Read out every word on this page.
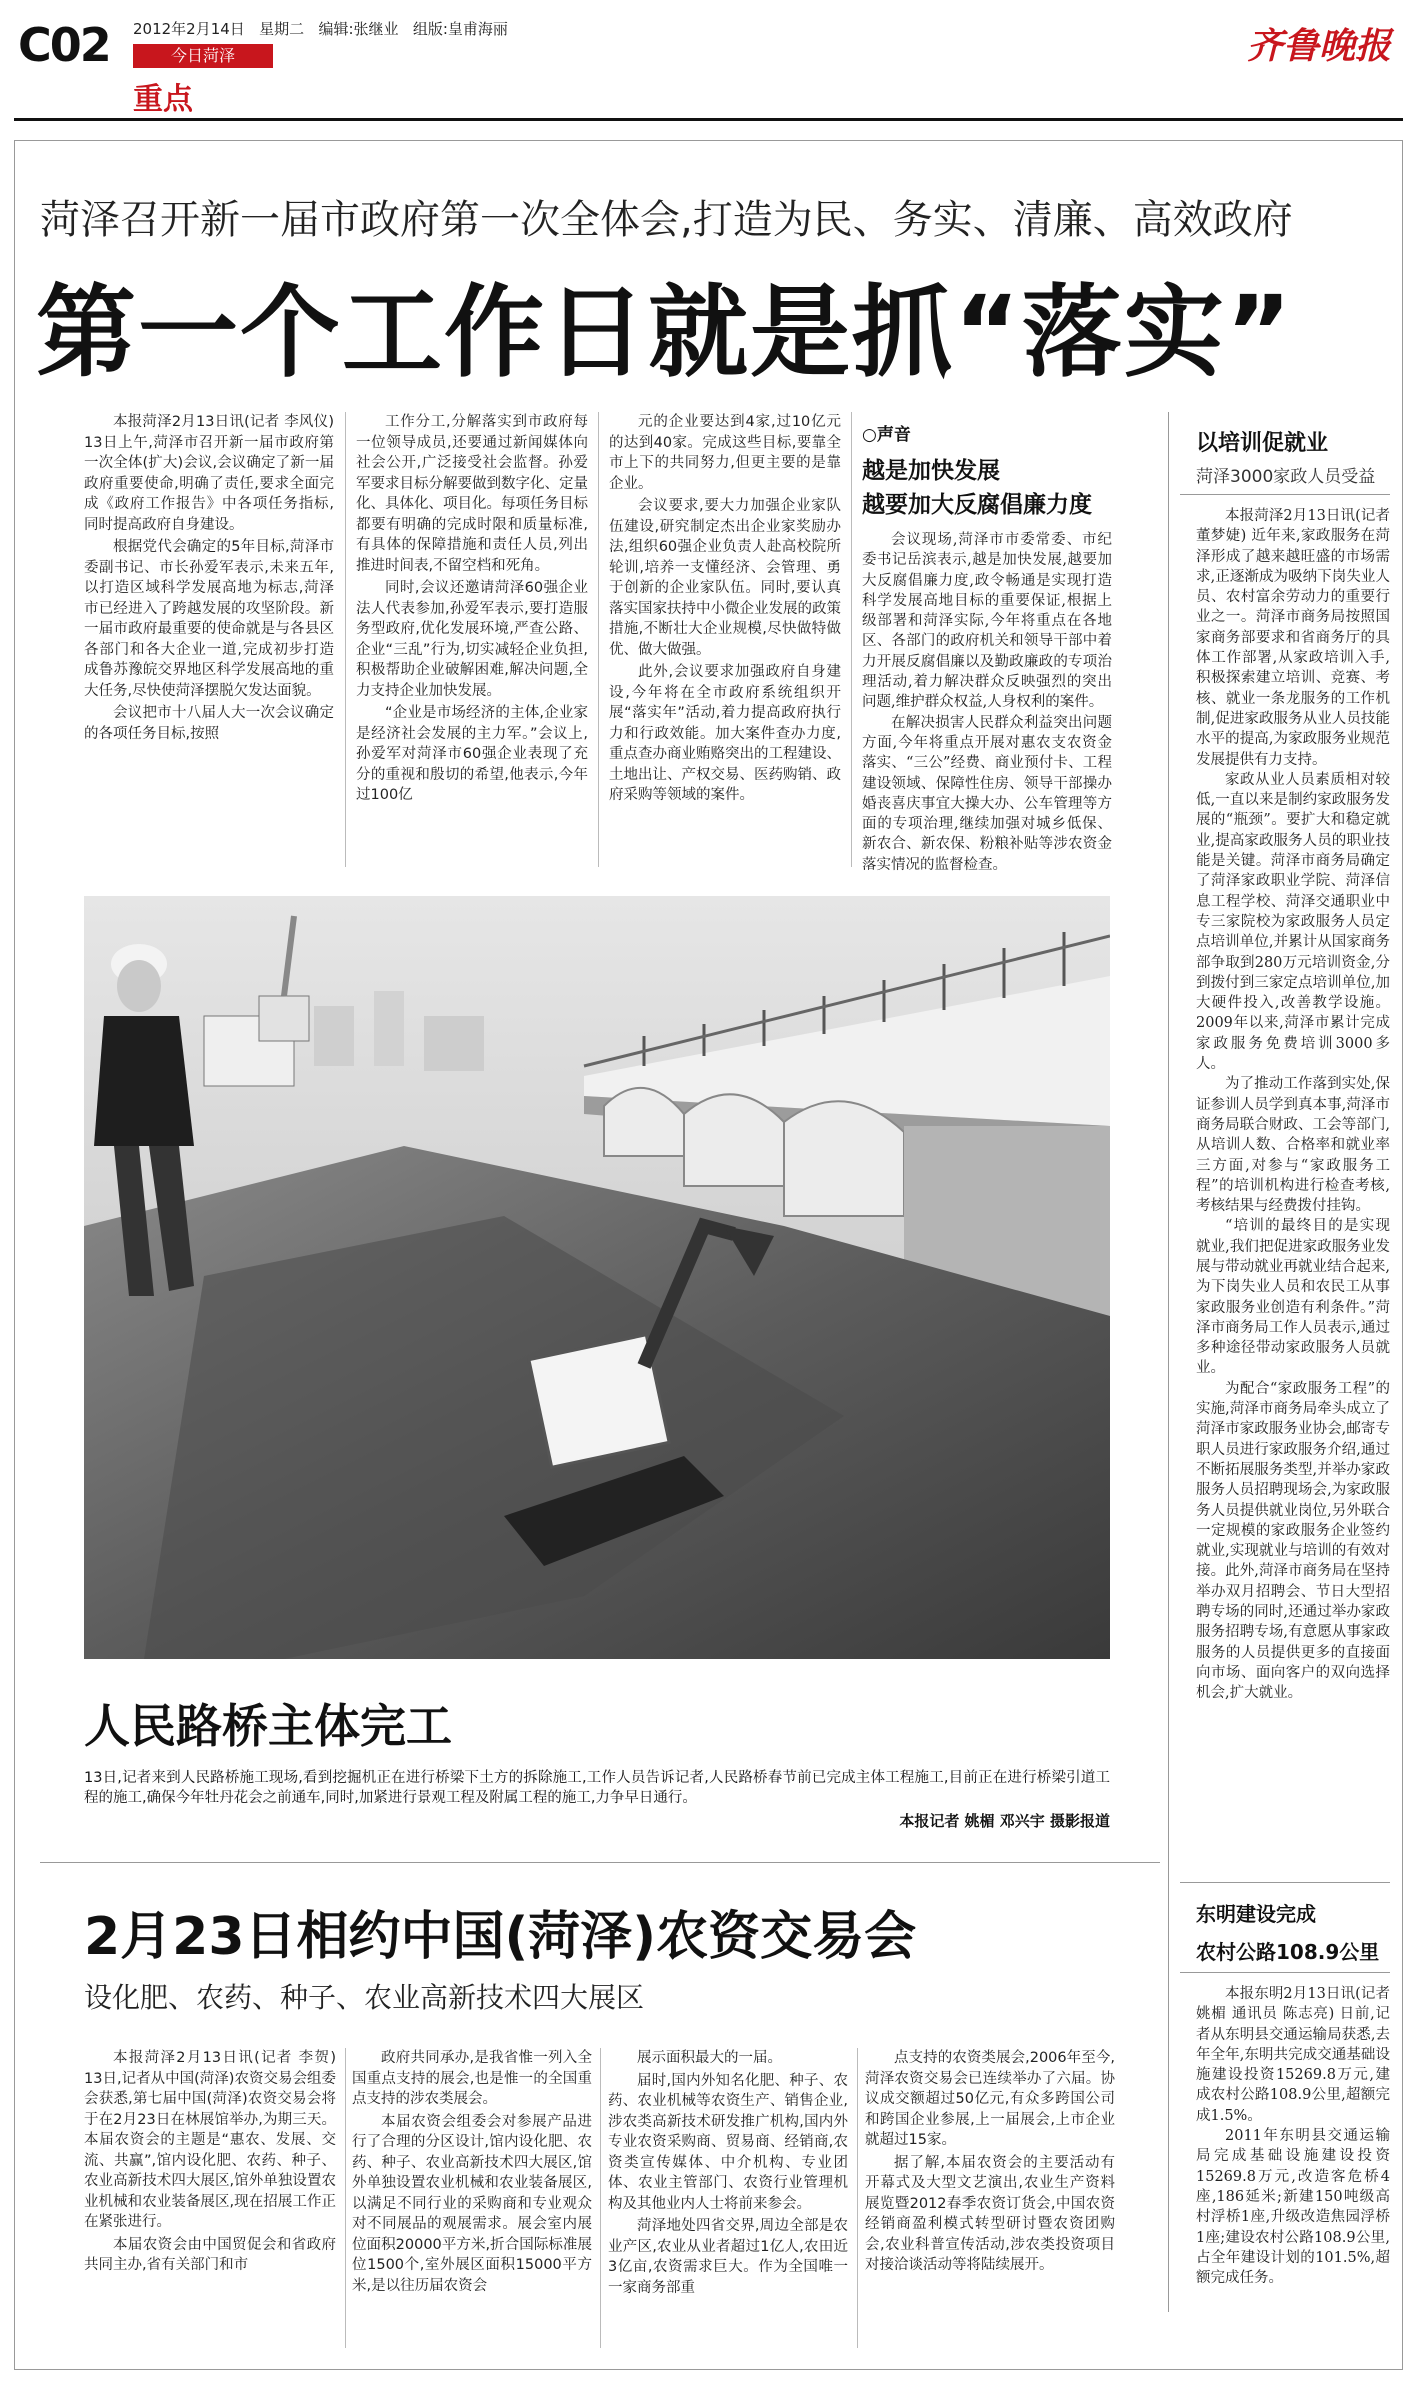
C02 2012年2月14日 星期二 编辑:张继业 组版:皇甫海丽
今日菏泽
重点
齐鲁晚报
菏泽召开新一届市政府第一次全体会,打造为民、务实、清廉、高效政府
第一个工作日就是抓“落实”

本报菏泽2月13日讯(记者 李风仪) 13日上午,菏泽市召开新一届市政府第一次全体(扩大)会议,会议确定了新一届政府重要使命,明确了责任,要求全面完成《政府工作报告》中各项任务指标,同时提高政府自身建设。

根据党代会确定的5年目标,菏泽市委副书记、市长孙爱军表示,未来五年,以打造区域科学发展高地为标志,菏泽市已经进入了跨越发展的攻坚阶段。新一届市政府最重要的使命就是与各县区各部门和各大企业一道,完成初步打造成鲁苏豫皖交界地区科学发展高地的重大任务,尽快使菏泽摆脱欠发达面貌。

会议把市十八届人大一次会议确定的各项任务目标,按照

工作分工,分解落实到市政府每一位领导成员,还要通过新闻媒体向社会公开,广泛接受社会监督。孙爱军要求目标分解要做到数字化、定量化、具体化、项目化。每项任务目标都要有明确的完成时限和质量标准,有具体的保障措施和责任人员,列出推进时间表,不留空档和死角。

同时,会议还邀请菏泽60强企业法人代表参加,孙爱军表示,要打造服务型政府,优化发展环境,严查公路、企业“三乱”行为,切实减轻企业负担,积极帮助企业破解困难,解决问题,全力支持企业加快发展。

“企业是市场经济的主体,企业家是经济社会发展的主力军。”会议上,孙爱军对菏泽市60强企业表现了充分的重视和殷切的希望,他表示,今年过100亿

元的企业要达到4家,过10亿元的达到40家。完成这些目标,要靠全市上下的共同努力,但更主要的是靠企业。

会议要求,要大力加强企业家队伍建设,研究制定杰出企业家奖励办法,组织60强企业负责人赴高校院所轮训,培养一支懂经济、会管理、勇于创新的企业家队伍。同时,要认真落实国家扶持中小微企业发展的政策措施,不断壮大企业规模,尽快做特做优、做大做强。

此外,会议要求加强政府自身建设,今年将在全市政府系统组织开展“落实年”活动,着力提高政府执行力和行政效能。加大案件查办力度,重点查办商业贿赂突出的工程建设、土地出让、产权交易、医药购销、政府采购等领域的案件。

○声音
越是加快发展
越要加大反腐倡廉力度

会议现场,菏泽市市委常委、市纪委书记岳滨表示,越是加快发展,越要加大反腐倡廉力度,政令畅通是实现打造科学发展高地目标的重要保证,根据上级部署和菏泽实际,今年将重点在各地区、各部门的政府机关和领导干部中着力开展反腐倡廉以及勤政廉政的专项治理活动,着力解决群众反映强烈的突出问题,维护群众权益,人身权利的案件。

在解决损害人民群众利益突出问题方面,今年将重点开展对惠农支农资金落实、“三公”经费、商业预付卡、工程建设领域、保障性住房、领导干部操办婚丧喜庆事宜大操大办、公车管理等方面的专项治理,继续加强对城乡低保、新农合、新农保、粉粮补贴等涉农资金落实情况的监督检查。

以培训促就业
菏泽3000家政人员受益

本报菏泽2月13日讯(记者 董梦婕) 近年来,家政服务在菏泽形成了越来越旺盛的市场需求,正逐渐成为吸纳下岗失业人员、农村富余劳动力的重要行业之一。菏泽市商务局按照国家商务部要求和省商务厅的具体工作部署,从家政培训入手,积极探索建立培训、竞赛、考核、就业一条龙服务的工作机制,促进家政服务从业人员技能水平的提高,为家政服务业规范发展提供有力支持。

家政从业人员素质相对较低,一直以来是制约家政服务发展的“瓶颈”。要扩大和稳定就业,提高家政服务人员的职业技能是关键。菏泽市商务局确定了菏泽家政职业学院、菏泽信息工程学校、菏泽交通职业中专三家院校为家政服务人员定点培训单位,并累计从国家商务部争取到280万元培训资金,分到拨付到三家定点培训单位,加大硬件投入,改善教学设施。2009年以来,菏泽市累计完成家政服务免费培训3000多人。

为了推动工作落到实处,保证参训人员学到真本事,菏泽市商务局联合财政、工会等部门,从培训人数、合格率和就业率三方面,对参与“家政服务工程”的培训机构进行检查考核,考核结果与经费拨付挂钩。

“培训的最终目的是实现就业,我们把促进家政服务业发展与带动就业再就业结合起来,为下岗失业人员和农民工从事家政服务业创造有利条件。”菏泽市商务局工作人员表示,通过多种途径带动家政服务人员就业。

为配合“家政服务工程”的实施,菏泽市商务局牵头成立了菏泽市家政服务业协会,邮寄专职人员进行家政服务介绍,通过不断拓展服务类型,并举办家政服务人员招聘现场会,为家政服务人员提供就业岗位,另外联合一定规模的家政服务企业签约就业,实现就业与培训的有效对接。此外,菏泽市商务局在坚持举办双月招聘会、节日大型招聘专场的同时,还通过举办家政服务招聘专场,有意愿从事家政服务的人员提供更多的直接面向市场、面向客户的双向选择机会,扩大就业。

东明建设完成
农村公路108.9公里

本报东明2月13日讯(记者 姚楣 通讯员 陈志亮) 日前,记者从东明县交通运输局获悉,去年全年,东明共完成交通基础设施建设投资15269.8万元,建成农村公路108.9公里,超额完成1.5%。

2011年东明县交通运输局完成基础设施建设投资15269.8万元,改造客危桥4座,186延米;新建150吨级高村浮桥1座,升级改造焦园浮桥1座;建设农村公路108.9公里,占全年建设计划的101.5%,超额完成任务。

人民路桥主体完工
13日,记者来到人民路桥施工现场,看到挖掘机正在进行桥梁下土方的拆除施工,工作人员告诉记者,人民路桥春节前已完成主体工程施工,目前正在进行桥梁引道工程的施工,确保今年牡丹花会之前通车,同时,加紧进行景观工程及附属工程的施工,力争早日通行。
本报记者 姚楣 邓兴宇 摄影报道
2月23日相约中国(菏泽)农资交易会
设化肥、农药、种子、农业高新技术四大展区

本报菏泽2月13日讯(记者 李贺) 13日,记者从中国(菏泽)农资交易会组委会获悉,第七届中国(菏泽)农资交易会将于在2月23日在林展馆举办,为期三天。本届农资会的主题是“惠农、发展、交流、共赢”,馆内设化肥、农药、种子、农业高新技术四大展区,馆外单独设置农业机械和农业装备展区,现在招展工作正在紧张进行。

本届农资会由中国贸促会和省政府共同主办,省有关部门和市

政府共同承办,是我省惟一列入全国重点支持的展会,也是惟一的全国重点支持的涉农类展会。

本届农资会组委会对参展产品进行了合理的分区设计,馆内设化肥、农药、种子、农业高新技术四大展区,馆外单独设置农业机械和农业装备展区,以满足不同行业的采购商和专业观众对不同展品的观展需求。展会室内展位面积20000平方米,折合国际标准展位1500个,室外展区面积15000平方米,是以往历届农资会

展示面积最大的一届。

届时,国内外知名化肥、种子、农药、农业机械等农资生产、销售企业,涉农类高新技术研发推广机构,国内外专业农资采购商、贸易商、经销商,农资类宣传媒体、中介机构、专业团体、农业主管部门、农资行业管理机构及其他业内人士将前来参会。

菏泽地处四省交界,周边全部是农业产区,农业从业者超过1亿人,农田近3亿亩,农资需求巨大。作为全国唯一一家商务部重

点支持的农资类展会,2006年至今,菏泽农资交易会已连续举办了六届。协议成交额超过50亿元,有众多跨国公司和跨国企业参展,上一届展会,上市企业就超过15家。

据了解,本届农资会的主要活动有开幕式及大型文艺演出,农业生产资料展览暨2012春季农资订货会,中国农资经销商盈利模式转型研讨暨农资团购会,农业科普宣传活动,涉农类投资项目对接洽谈活动等将陆续展开。
